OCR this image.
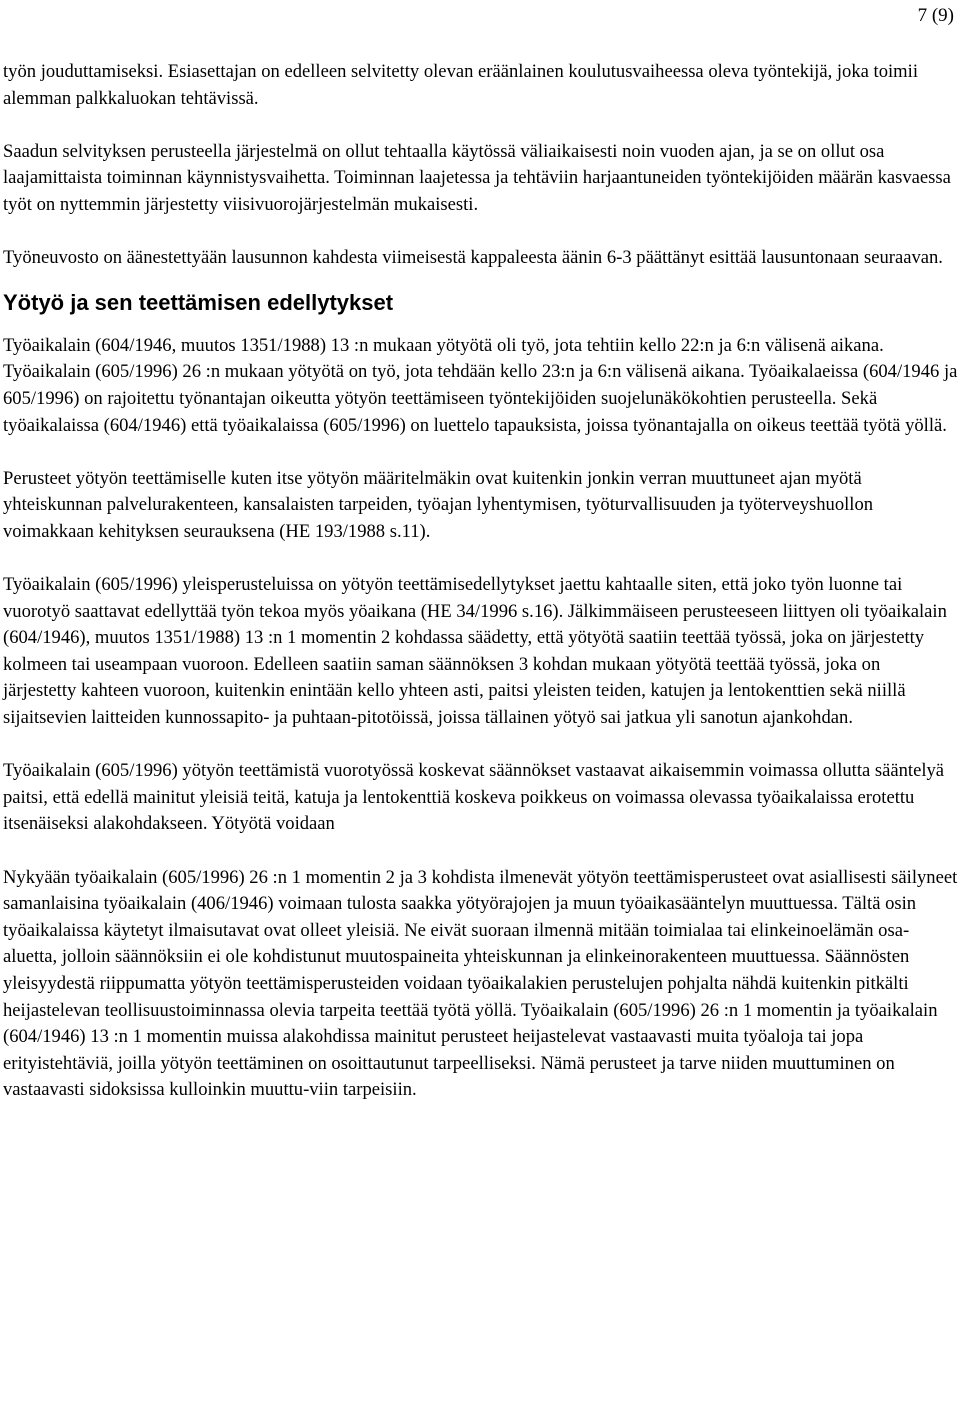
7 (9)

työn jouduttamiseksi. Esiasettajan on edelleen selvitetty olevan eräänlainen koulutusvaiheessa oleva työntekijä, joka toimii alemman palkkaluokan tehtävissä.

Saadun selvityksen perusteella järjestelmä on ollut tehtaalla käytössä väliaikaisesti noin vuoden ajan, ja se on ollut osa laajamittaista toiminnan käynnistysvaihetta. Toiminnan laajetessa ja tehtäviin harjaantuneiden työntekijöiden määrän kasvaessa työt on nyttemmin järjestetty viisivuorojärjestelmän mukaisesti.

Työneuvosto on äänestettyään lausunnon kahdesta viimeisestä kappaleesta äänin 6-3 päättänyt esittää lausuntonaan seuraavan.

Yötyö ja sen teettämisen edellytykset

Työaikalain (604/1946, muutos 1351/1988) 13 :n mukaan yötyötä oli työ, jota tehtiin kello 22:n ja 6:n välisenä aikana. Työaikalain (605/1996) 26 :n mukaan yötyötä on työ, jota tehdään kello 23:n ja 6:n välisenä aikana. Työaikalaeissa (604/1946 ja 605/1996) on rajoitettu työnantajan oikeutta yötyön teettämiseen työntekijöiden suojelunäkökohtien perusteella. Sekä työaikalaissa (604/1946) että työaikalaissa (605/1996) on luettelo tapauksista, joissa työnantajalla on oikeus teettää työtä yöllä.

Perusteet yötyön teettämiselle kuten itse yötyön määritelmäkin ovat kuitenkin jonkin verran muuttuneet ajan myötä yhteiskunnan palvelurakenteen, kansalaisten tarpeiden, työajan lyhentymisen, työturvallisuuden ja työterveyshuollon voimakkaan kehityksen seurauksena (HE 193/1988 s.11).

Työaikalain (605/1996) yleisperusteluissa on yötyön teettämisedellytykset jaettu kahtaalle siten, että joko työn luonne tai vuorotyö saattavat edellyttää työn tekoa myös yöaikana (HE 34/1996 s.16). Jälkimmäiseen perusteeseen liittyen oli työaikalain (604/1946), muutos 1351/1988) 13 :n 1 momentin 2 kohdassa säädetty, että yötyötä saatiin teettää työssä, joka on järjestetty kolmeen tai useampaan vuoroon. Edelleen saatiin saman säännöksen 3 kohdan mukaan yötyötä teettää työssä, joka on järjestetty kahteen vuoroon, kuitenkin enintään kello yhteen asti, paitsi yleisten teiden, katujen ja lentokenttien sekä niillä sijaitsevien laitteiden kunnossapito- ja puhtaan-pitotöissä, joissa tällainen yötyö sai jatkua yli sanotun ajankohdan.

Työaikalain (605/1996) yötyön teettämistä vuorotyössä koskevat säännökset vastaavat aikaisemmin voimassa ollutta sääntelyä paitsi, että edellä mainitut yleisiä teitä, katuja ja lentokenttiä koskeva poikkeus on voimassa olevassa työaikalaissa erotettu itsenäiseksi alakohdakseen. Yötyötä voidaan

Nykyään työaikalain (605/1996) 26 :n 1 momentin 2 ja 3 kohdista ilmenevät yötyön teettämisperusteet ovat asiallisesti säilyneet samanlaisina työaikalain (406/1946) voimaan tulosta saakka yötyörajojen ja muun työaikasääntelyn muuttuessa. Tältä osin työaikalaissa käytetyt ilmaisutavat ovat olleet yleisiä. Ne eivät suoraan ilmennä mitään toimialaa tai elinkeinoelämän osa-aluetta, jolloin säännöksiin ei ole kohdistunut muutospaineita yhteiskunnan ja elinkeinorakenteen muuttuessa. Säännösten yleisyydestä riippumatta yötyön teettämisperusteiden voidaan työaikalakien perustelujen pohjalta nähdä kuitenkin pitkälti heijastelevan teollisuustoiminnassa olevia tarpeita teettää työtä yöllä. Työaikalain (605/1996) 26 :n 1 momentin ja työaikalain (604/1946) 13 :n 1 momentin muissa alakohdissa mainitut perusteet heijastelevat vastaavasti muita työaloja tai jopa erityistehtäviä, joilla yötyön teettäminen on osoittautunut tarpeelliseksi. Nämä perusteet ja tarve niiden muuttuminen on vastaavasti sidoksissa kulloinkin muuttu-viin tarpeisiin.
